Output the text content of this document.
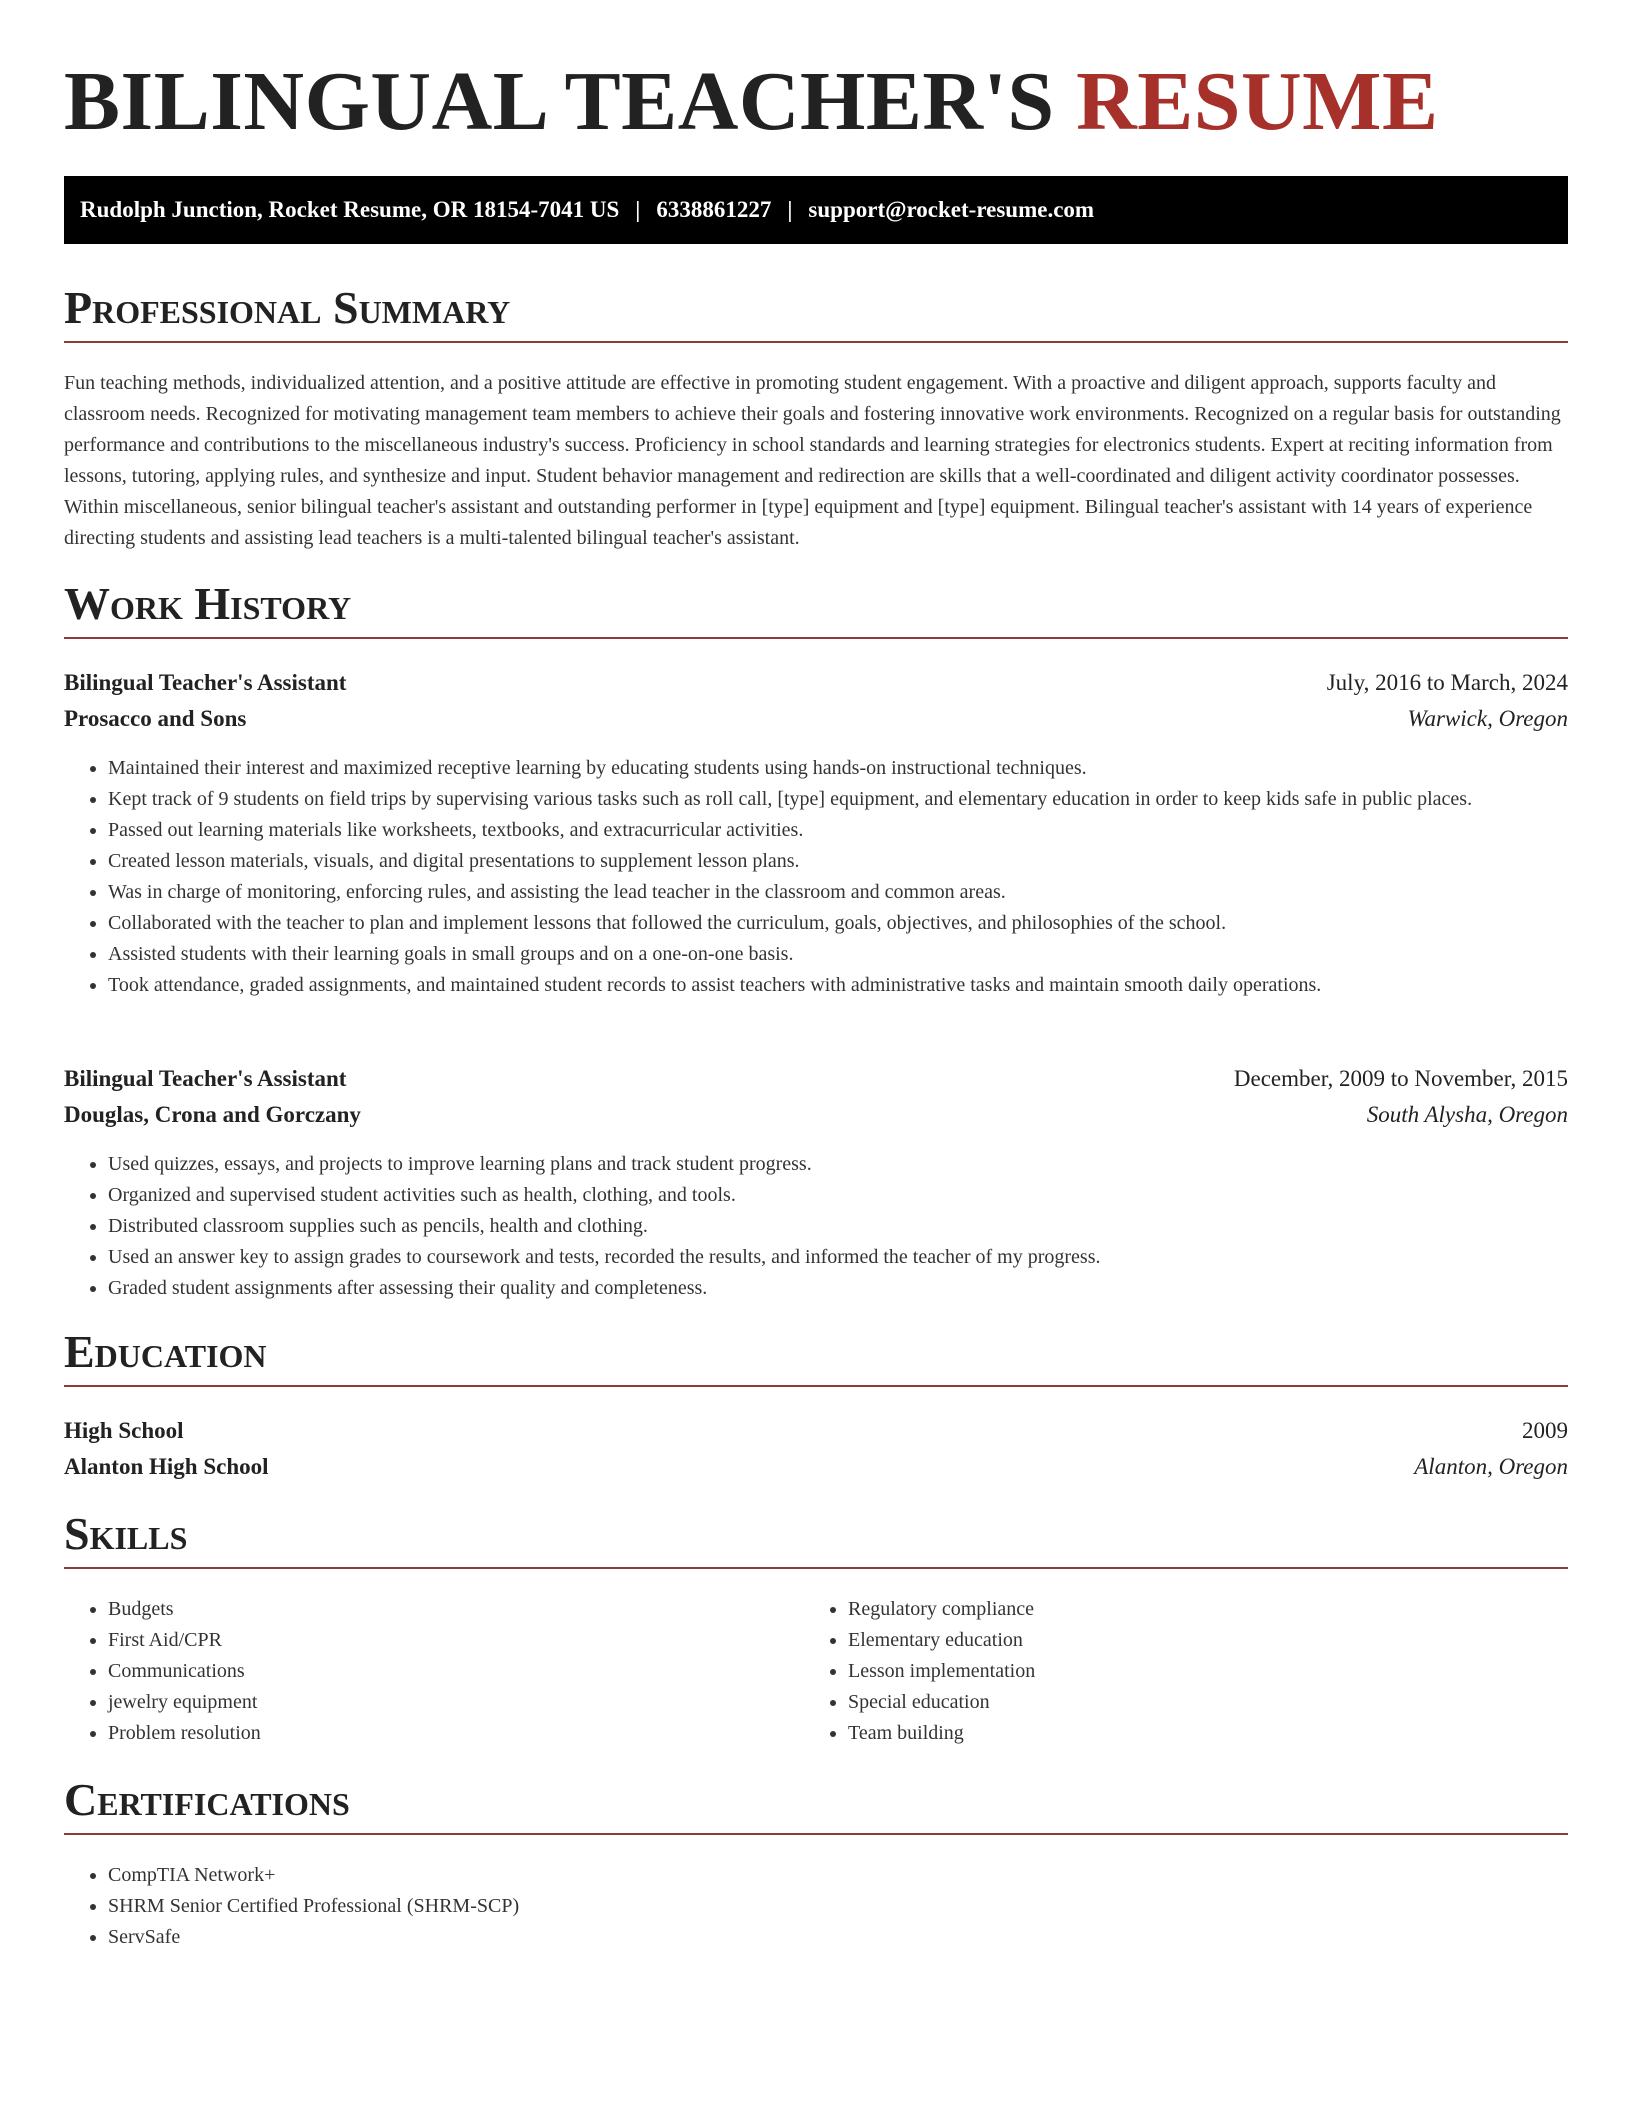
BILINGUAL TEACHER'S RESUME
Rudolph Junction, Rocket Resume, OR 18154-7041 US | 6338861227 | support@rocket-resume.com
Professional Summary

Fun teaching methods, individualized attention, and a positive attitude are effective in promoting student engagement. With a proactive and diligent approach, supports faculty and classroom needs. Recognized for motivating management team members to achieve their goals and fostering innovative work environments. Recognized on a regular basis for outstanding performance and contributions to the miscellaneous industry's success. Proficiency in school standards and learning strategies for electronics students. Expert at reciting information from lessons, tutoring, applying rules, and synthesize and input. Student behavior management and redirection are skills that a well-coordinated and diligent activity coordinator possesses. Within miscellaneous, senior bilingual teacher's assistant and outstanding performer in [type] equipment and [type] equipment. Bilingual teacher's assistant with 14 years of experience directing students and assisting lead teachers is a multi-talented bilingual teacher's assistant.

Work History
Bilingual Teacher's Assistant	July, 2016 to March, 2024
Prosacco and Sons	Warwick, Oregon
• Maintained their interest and maximized receptive learning by educating students using hands-on instructional techniques.
• Kept track of 9 students on field trips by supervising various tasks such as roll call, [type] equipment, and elementary education in order to keep kids safe in public places.
• Passed out learning materials like worksheets, textbooks, and extracurricular activities.
• Created lesson materials, visuals, and digital presentations to supplement lesson plans.
• Was in charge of monitoring, enforcing rules, and assisting the lead teacher in the classroom and common areas.
• Collaborated with the teacher to plan and implement lessons that followed the curriculum, goals, objectives, and philosophies of the school.
• Assisted students with their learning goals in small groups and on a one-on-one basis.
• Took attendance, graded assignments, and maintained student records to assist teachers with administrative tasks and maintain smooth daily operations.
Bilingual Teacher's Assistant	December, 2009 to November, 2015
Douglas, Crona and Gorczany	South Alysha, Oregon
• Used quizzes, essays, and projects to improve learning plans and track student progress.
• Organized and supervised student activities such as health, clothing, and tools.
• Distributed classroom supplies such as pencils, health and clothing.
• Used an answer key to assign grades to coursework and tests, recorded the results, and informed the teacher of my progress.
• Graded student assignments after assessing their quality and completeness.
Education
High School	2009
Alanton High School	Alanton, Oregon
Skills
• Budgets
• First Aid/CPR
• Communications
• jewelry equipment
• Problem resolution
• Regulatory compliance
• Elementary education
• Lesson implementation
• Special education
• Team building
Certifications
• CompTIA Network+
• SHRM Senior Certified Professional (SHRM-SCP)
• ServSafe
